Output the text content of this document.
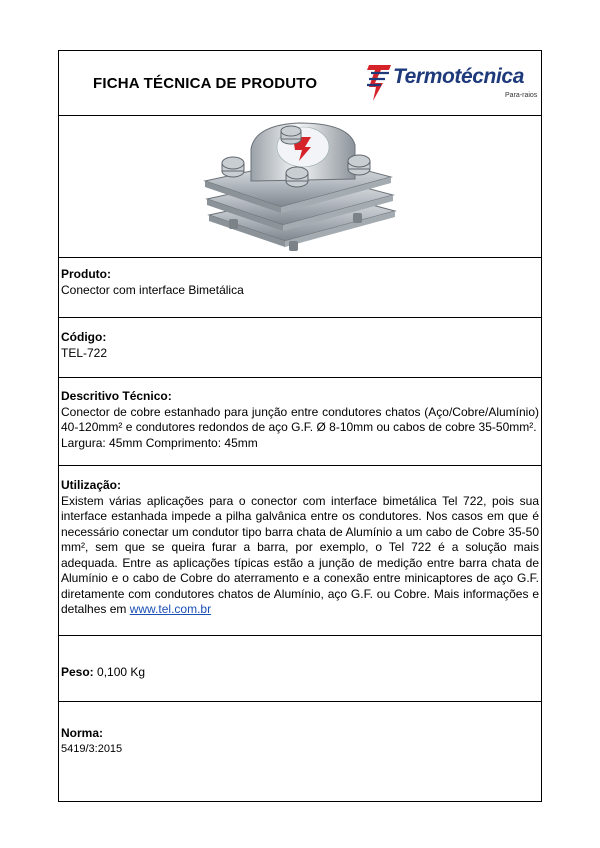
FICHA TÉCNICA DE PRODUTO	Termotécnica
Para-raios
Produto:
Conector com interface Bimetálica
Código:
TEL-722
Descritivo Técnico:
Conector de cobre estanhado para junção entre condutores chatos (Aço/Cobre/Alumínio) 40-120mm² e condutores redondos de aço G.F. Ø 8-10mm ou cabos de cobre 35-50mm².
Largura: 45mm Comprimento: 45mm
Utilização:
Existem várias aplicações para o conector com interface bimetálica Tel 722, pois sua interface estanhada impede a pilha galvânica entre os condutores. Nos casos em que é necessário conectar um condutor tipo barra chata de Alumínio a um cabo de Cobre 35-50 mm², sem que se queira furar a barra, por exemplo, o Tel 722 é a solução mais adequada. Entre as aplicações típicas estão a junção de medição entre barra chata de Alumínio e o cabo de Cobre do aterramento e a conexão entre minicaptores de aço G.F. diretamente com condutores chatos de Alumínio, aço G.F. ou Cobre. Mais informações e detalhes em www.tel.com.br
Peso: 0,100 Kg
Norma:
5419/3:2015
